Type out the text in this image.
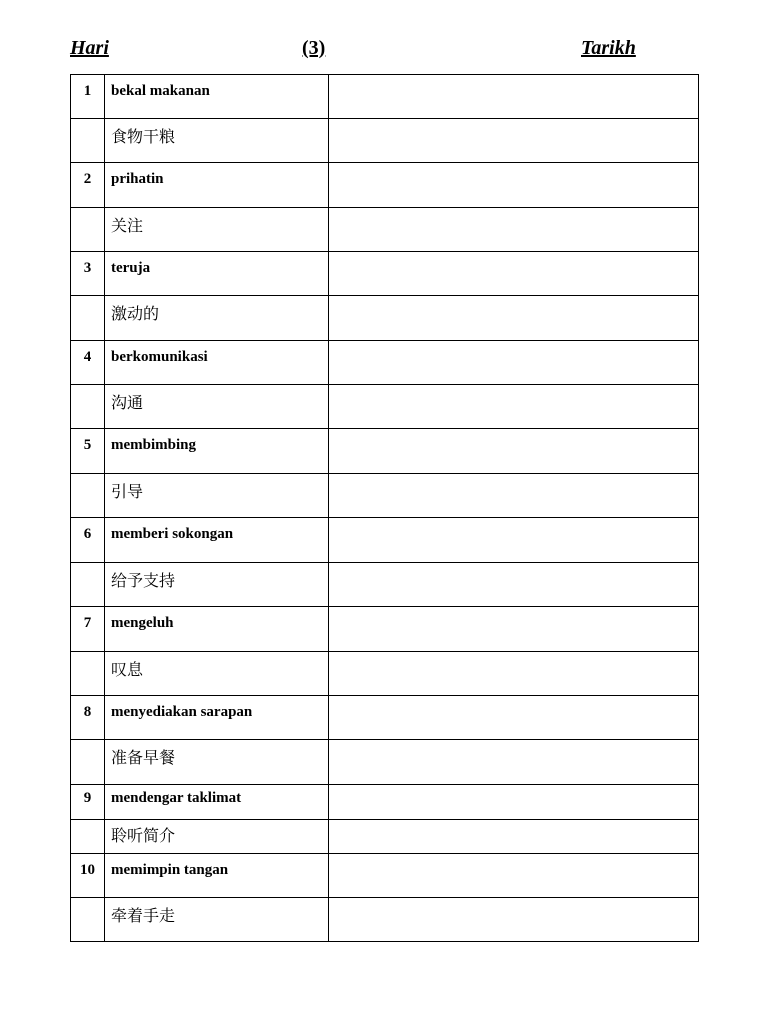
Hari	(3)	Tarikh
1	bekal makanan	
	食物干粮	
2	prihatin	
	关注	
3	teruja	
	激动的	
4	berkomunikasi	
	沟通	
5	membimbing	
	引导	
6	memberi sokongan	
	给予支持	
7	mengeluh	
	叹息	
8	menyediakan sarapan	
	准备早餐	
9	mendengar taklimat	
	聆听简介	
10	memimpin tangan	
	牵着手走	
